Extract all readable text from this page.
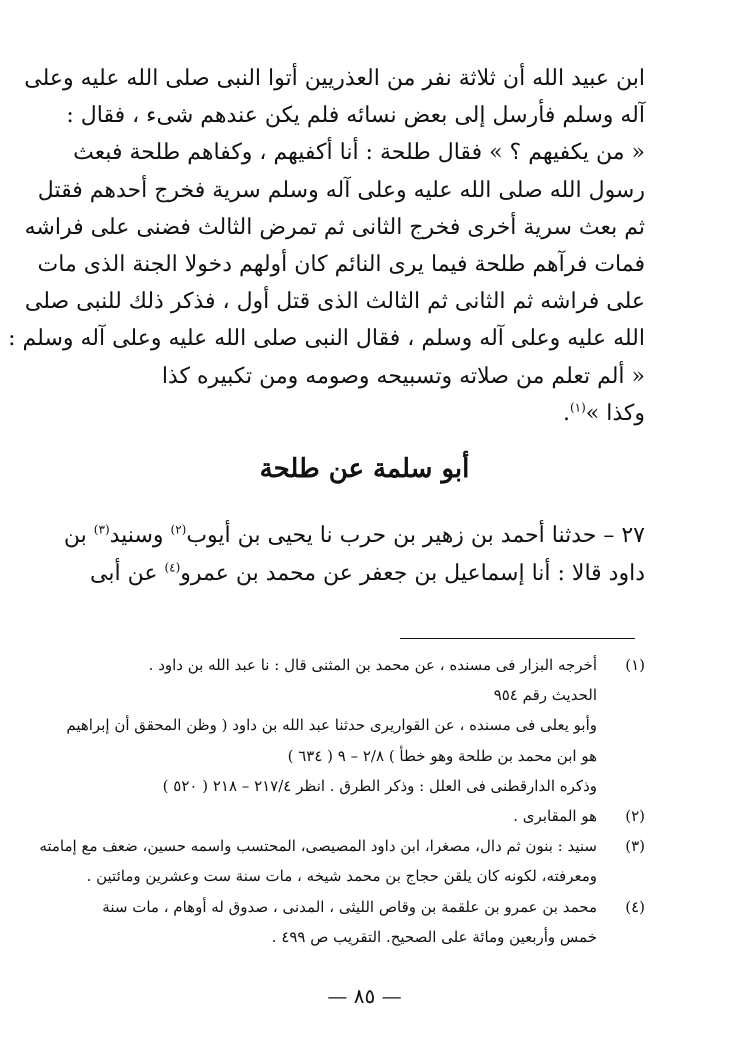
ابن عبيد الله أن ثلاثة نفر من العذريين أتوا النبى صلى الله عليه وعلى
آله وسلم فأرسل إلى بعض نسائه فلم يكن عندهم شىء ، فقال :
« من يكفيهم ؟ » فقال طلحة : أنا أكفيهم ، وكفاهم طلحة فبعث
رسول الله صلى الله عليه وعلى آله وسلم سرية فخرج أحدهم فقتل
ثم بعث سرية أخرى فخرج الثانى ثم تمرض الثالث فضنى على فراشه
فمات فرآهم طلحة فيما يرى النائم كان أولهم دخولا الجنة الذى مات
على فراشه ثم الثانى ثم الثالث الذى قتل أول ، فذكر ذلك للنبى صلى
الله عليه وعلى آله وسلم ، فقال النبى صلى الله عليه وعلى آله وسلم :
« ألم تعلم من صلاته وتسبيحه وصومه ومن تكبيره كذا
وكذا »$^{(١)}$.
أبو سلمة عن طلحة
٢٧ – حدثنا أحمد بن زهير بن حرب نا يحيى بن أيوب$^{(٢)}$ وسنيد$^{(٣)}$ بن
داود قالا : أنا إسماعيل بن جعفر عن محمد بن عمرو$^{(٤)}$ عن أبى
(١)
أخرجه البزار فى مسنده ، عن محمد بن المثنى قال : نا عبد الله بن داود .
الحديث رقم ٩٥٤
وأبو يعلى فى مسنده ، عن القواريرى حدثنا عبد الله بن داود ( وظن المحقق أن إبراهيم
هو ابن محمد بن طلحة وهو خطأ ) ٢/٨ – ٩ ( ٦٣٤ )
وذكره الدارقطنى فى العلل : وذكر الطرق . انظر ٢١٧/٤ – ٢١٨ ( ٥٢٠ )
(٢)
هو المقابرى .
(٣)
سنيد : بنون ثم دال، مصغرا، ابن داود المصيصى، المحتسب واسمه حسين، ضعف مع إمامته
ومعرفته، لكونه كان يلقن حجاج بن محمد شيخه ، مات سنة ست وعشرين ومائتين .
(٤)
محمد بن عمرو بن علقمة بن وقاص الليثى ، المدنى ، صدوق له أوهام ، مات سنة
خمس وأربعين ومائة على الصحيح. التقريب ص ٤٩٩ .
— ٨٥ —
